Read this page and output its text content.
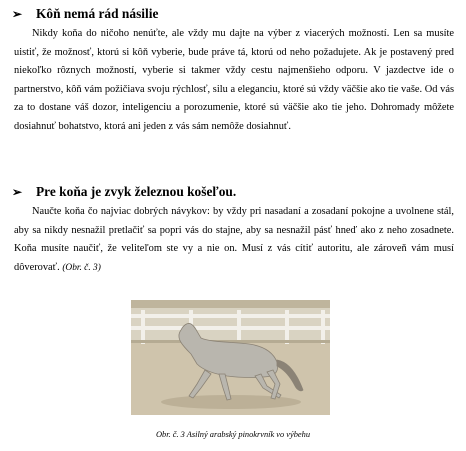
➢ Kôň nemá rád násilie

Nikdy koňa do ničoho nenúťte, ale vždy mu dajte na výber z viacerých možností. Len sa musíte uistiť, že možnosť, ktorú si kôň vyberie, bude práve tá, ktorú od neho požadujete. Ak je postavený pred niekoľko rôznych možností, vyberie si takmer vždy cestu najmenšieho odporu. V jazdectve ide o partnerstvo, kôň vám požičiava svoju rýchlosť, silu a eleganciu, ktoré sú vždy väčšie ako tie vaše. Od vás za to dostane váš dozor, inteligenciu a porozumenie, ktoré sú väčšie ako tie jeho. Dohromady môžete dosiahnuť bohatstvo, ktorá ani jeden z vás sám nemôže dosiahnuť.

➢ Pre koňa je zvyk železnou košeľou.

Naučte koňa čo najviac dobrých návykov: by vždy pri nasadaní a zosadaní pokojne a uvolnene stál, aby sa nikdy nesnažil pretlačiť sa popri vás do stajne, aby sa nesnažil pásť hneď ako z neho zosadnete. Koňa musíte naučiť, že veliteľom ste vy a nie on. Musí z vás cítiť autoritu, ale zároveň vám musí dôverovať. (Obr. č. 3)

Obr. č. 3 Asilný arabský pinokrvník vo výbehu
